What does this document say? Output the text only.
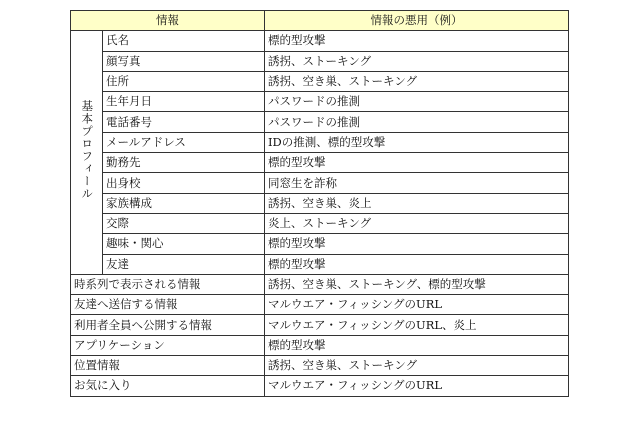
情報		情報の悪用（例）
基本プロフィール	氏名	標的型攻撃
	顔写真	誘拐、ストーキング
	住所	誘拐、空き巣、ストーキング
	生年月日	パスワードの推測
	電話番号	パスワードの推測
	メールアドレス	IDの推測、標的型攻撃
	勤務先	標的型攻撃
	出身校	同窓生を詐称
	家族構成	誘拐、空き巣、炎上
	交際	炎上、ストーキング
	趣味・関心	標的型攻撃
	友達	標的型攻撃
時系列で表示される情報		誘拐、空き巣、ストーキング、標的型攻撃
友達へ送信する情報		マルウエア・フィッシングのURL
利用者全員へ公開する情報		マルウエア・フィッシングのURL、炎上
アプリケーション		標的型攻撃
位置情報		誘拐、空き巣、ストーキング
お気に入り		マルウエア・フィッシングのURL
